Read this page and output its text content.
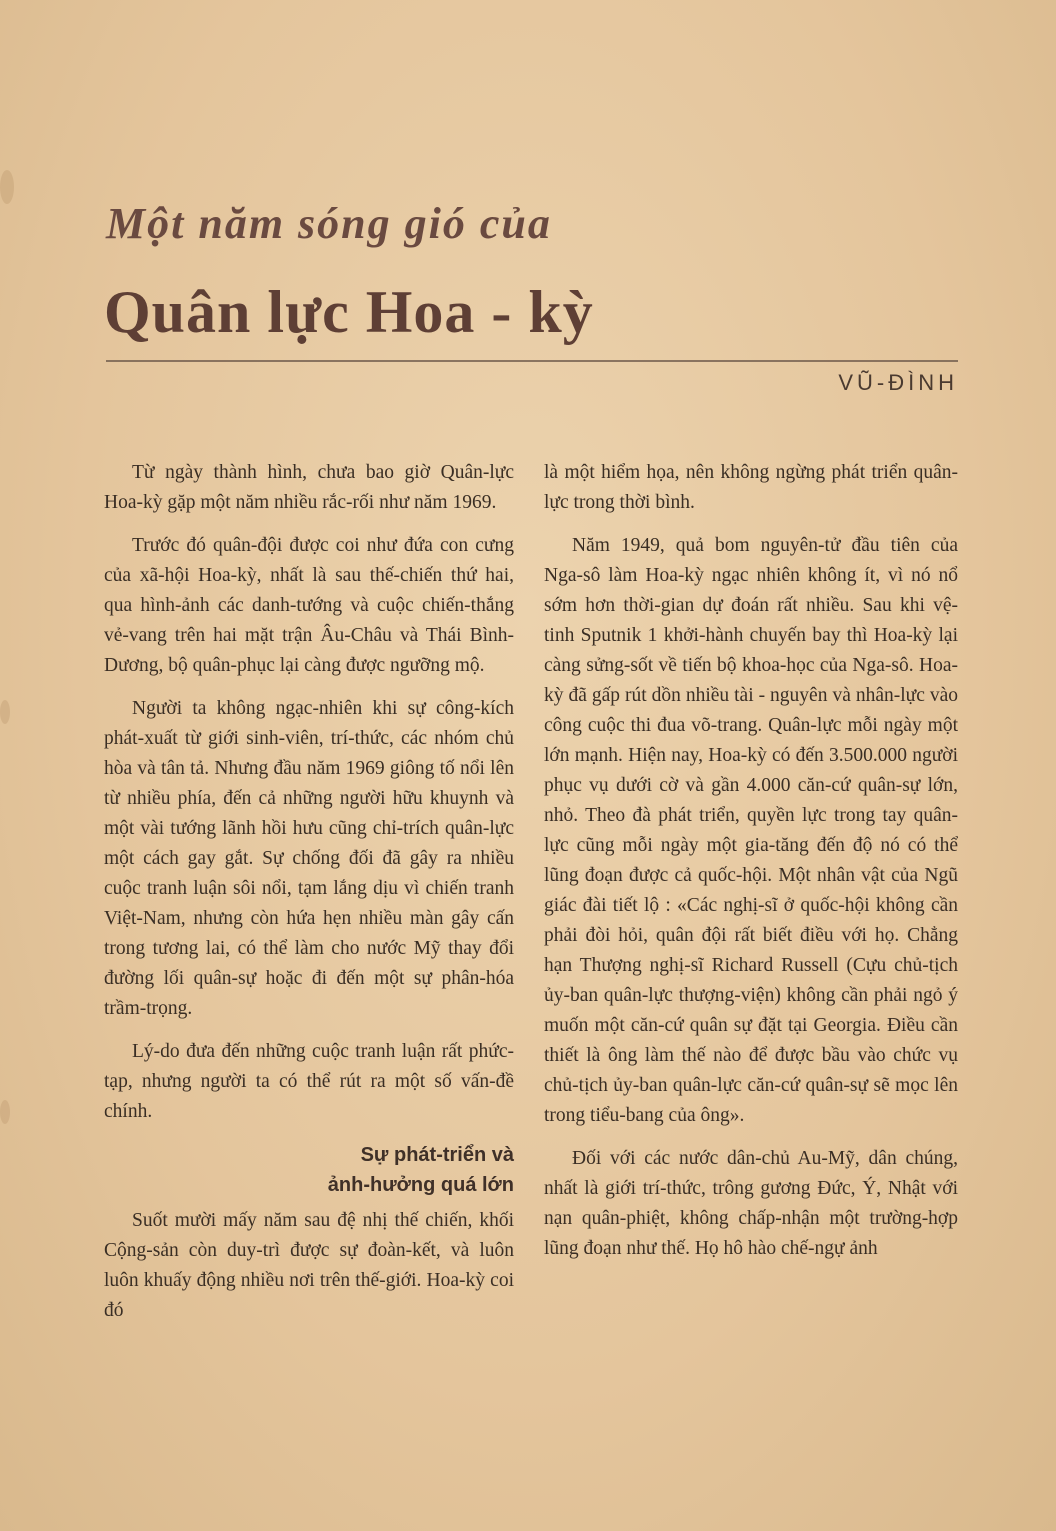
Một năm sóng gió của
Quân lực Hoa - kỳ
VŨ-ĐÌNH

Từ ngày thành hình, chưa bao giờ Quân-lực Hoa-kỳ gặp một năm nhiều rắc-rối như năm 1969.

Trước đó quân-đội được coi như đứa con cưng của xã-hội Hoa-kỳ, nhất là sau thế-chiến thứ hai, qua hình-ảnh các danh-tướng và cuộc chiến-thắng vẻ-vang trên hai mặt trận Âu-Châu và Thái Bình-Dương, bộ quân-phục lại càng được ngưỡng mộ.

Người ta không ngạc-nhiên khi sự công-kích phát-xuất từ giới sinh-viên, trí-thức, các nhóm chủ hòa và tân tả. Nhưng đầu năm 1969 giông tố nổi lên từ nhiều phía, đến cả những người hữu khuynh và một vài tướng lãnh hồi hưu cũng chỉ-trích quân-lực một cách gay gắt. Sự chống đối đã gây ra nhiều cuộc tranh luận sôi nổi, tạm lắng dịu vì chiến tranh Việt-Nam, nhưng còn hứa hẹn nhiều màn gây cấn trong tương lai, có thể làm cho nước Mỹ thay đổi đường lối quân-sự hoặc đi đến một sự phân-hóa trầm-trọng.

Lý-do đưa đến những cuộc tranh luận rất phức-tạp, nhưng người ta có thể rút ra một số vấn-đề chính.

Sự phát-triển và
ảnh-hưởng quá lớn

Suốt mười mấy năm sau đệ nhị thế chiến, khối Cộng-sản còn duy-trì được sự đoàn-kết, và luôn luôn khuấy động nhiều nơi trên thế-giới. Hoa-kỳ coi đó

là một hiểm họa, nên không ngừng phát triển quân-lực trong thời bình.

Năm 1949, quả bom nguyên-tử đầu tiên của Nga-sô làm Hoa-kỳ ngạc nhiên không ít, vì nó nổ sớm hơn thời-gian dự đoán rất nhiều. Sau khi vệ-tinh Sputnik 1 khởi-hành chuyến bay thì Hoa-kỳ lại càng sửng-sốt về tiến bộ khoa-học của Nga-sô. Hoa-kỳ đã gấp rút dồn nhiều tài - nguyên và nhân-lực vào công cuộc thi đua võ-trang. Quân-lực mỗi ngày một lớn mạnh. Hiện nay, Hoa-kỳ có đến 3.500.000 người phục vụ dưới cờ và gần 4.000 căn-cứ quân-sự lớn, nhỏ. Theo đà phát triển, quyền lực trong tay quân-lực cũng mỗi ngày một gia-tăng đến độ nó có thể lũng đoạn được cả quốc-hội. Một nhân vật của Ngũ giác đài tiết lộ : «Các nghị-sĩ ở quốc-hội không cần phải đòi hỏi, quân đội rất biết điều với họ. Chẳng hạn Thượng nghị-sĩ Richard Russell (Cựu chủ-tịch ủy-ban quân-lực thượng-viện) không cần phải ngỏ ý muốn một căn-cứ quân sự đặt tại Georgia. Điều cần thiết là ông làm thế nào để được bầu vào chức vụ chủ-tịch ủy-ban quân-lực căn-cứ quân-sự sẽ mọc lên trong tiểu-bang của ông».

Đối với các nước dân-chủ Au-Mỹ, dân chúng, nhất là giới trí-thức, trông gương Đức, Ý, Nhật với nạn quân-phiệt, không chấp-nhận một trường-hợp lũng đoạn như thế. Họ hô hào chế-ngự ảnh
